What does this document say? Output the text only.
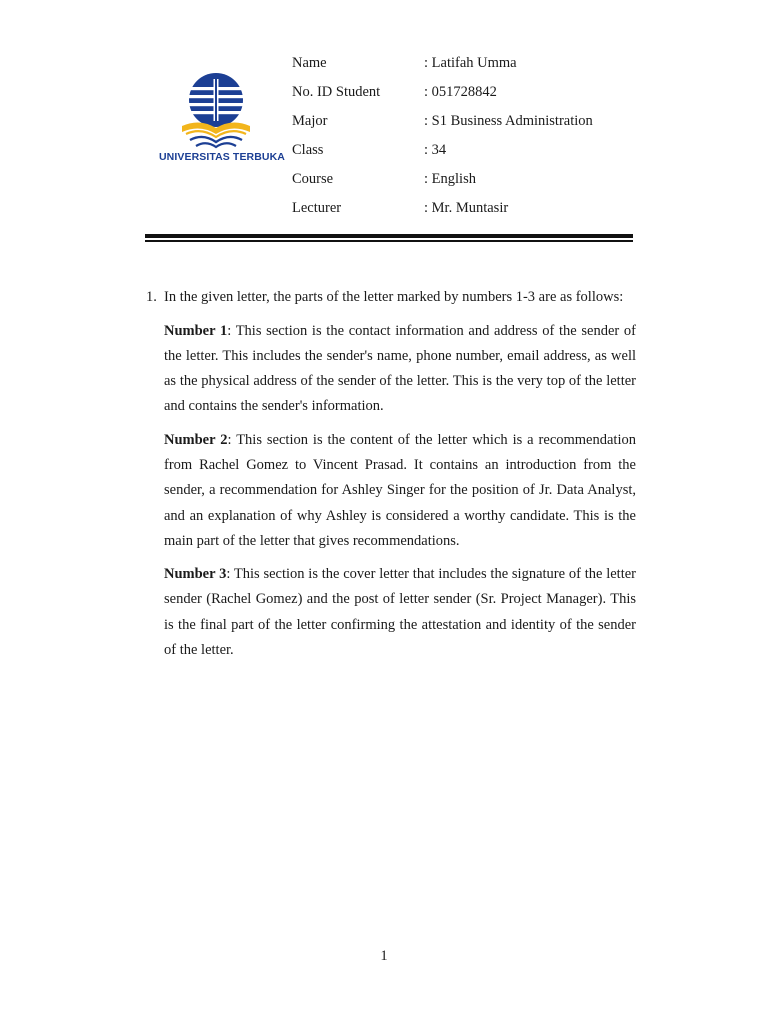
UNIVERSITAS TERBUKA
Name	: Latifah Umma
No. ID Student	: 051728842
Major	: S1 Business Administration
Class	: 34
Course	: English
Lecturer	: Mr. Muntasir
1. In the given letter, the parts of the letter marked by numbers 1-3 are as follows:

Number 1: This section is the contact information and address of the sender of the letter. This includes the sender's name, phone number, email address, as well as the physical address of the sender of the letter. This is the very top of the letter and contains the sender's information.

Number 2: This section is the content of the letter which is a recommendation from Rachel Gomez to Vincent Prasad. It contains an introduction from the sender, a recommendation for Ashley Singer for the position of Jr. Data Analyst, and an explanation of why Ashley is considered a worthy candidate. This is the main part of the letter that gives recommendations.

Number 3: This section is the cover letter that includes the signature of the letter sender (Rachel Gomez) and the post of letter sender (Sr. Project Manager). This is the final part of the letter confirming the attestation and identity of the sender of the letter.

1
